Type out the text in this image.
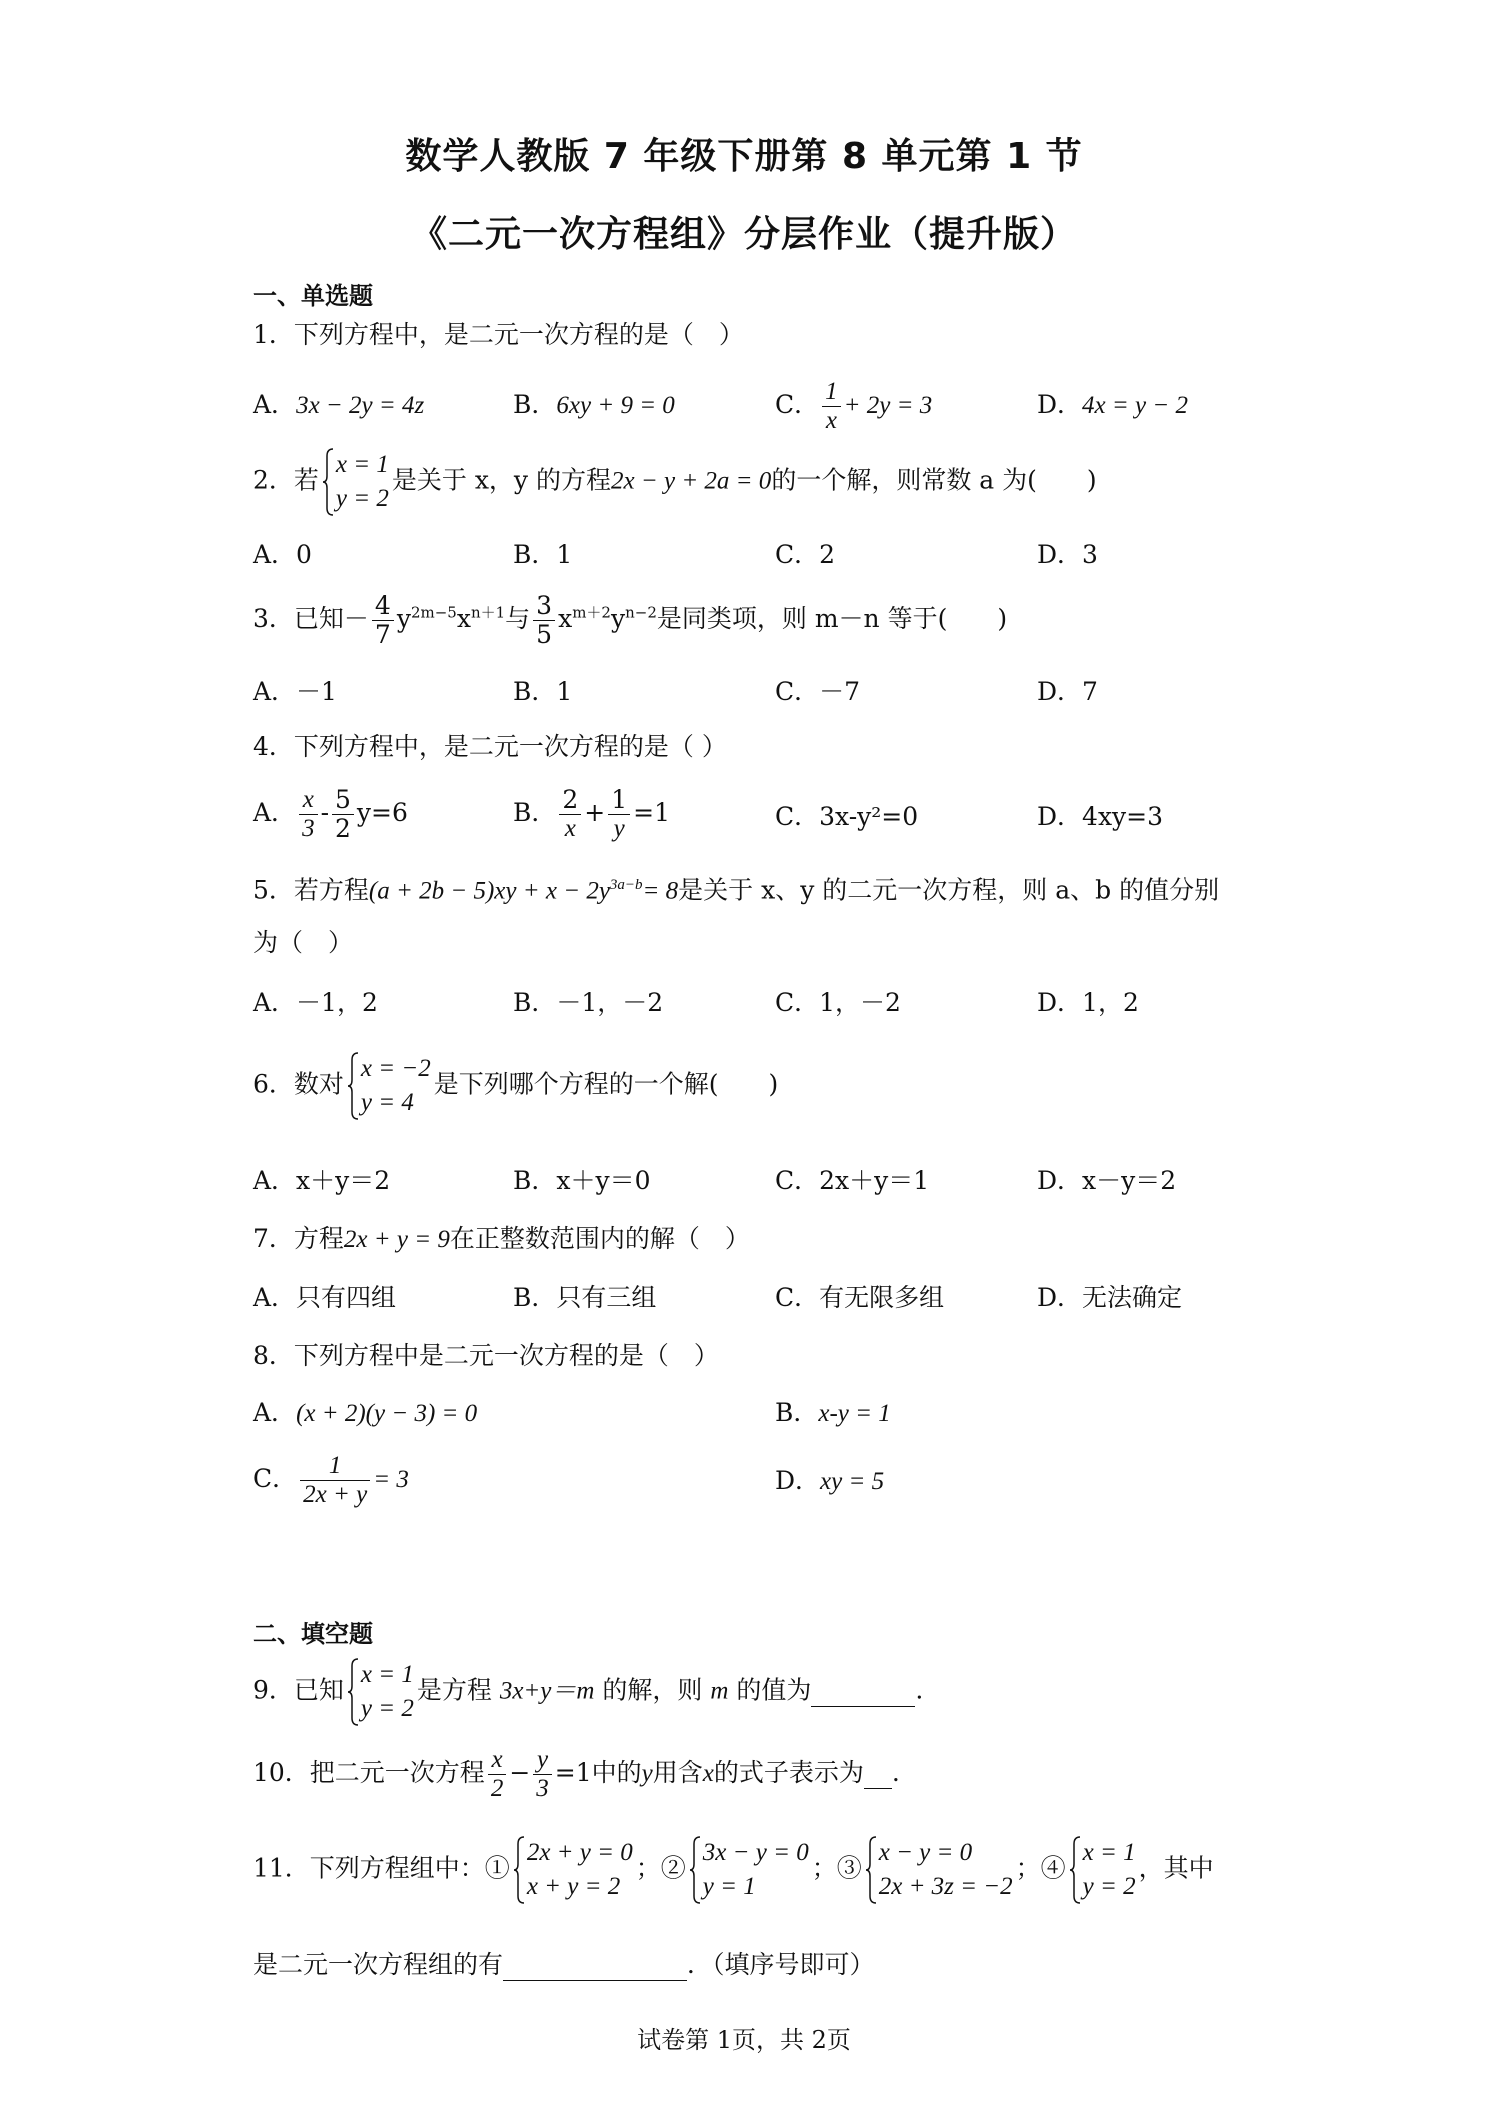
数学人教版 7 年级下册第 8 单元第 1 节
《二元一次方程组》分层作业（提升版）
一、单选题
1．下列方程中，是二元一次方程的是（　）
A．3x − 2y = 4z	B．6xy + 9 = 0	C． $\frac{1}{x} + 2y = 3$	D．4x = y − 2
2．若
x = 1
y = 2
是关于 x，y 的方程2x − y + 2a = 0的一个解，则常数 a 为(　　)
A．0	B．1	C．2	D．3
3．已知－ $\frac{4}{7} y^{2m-5}x^{n+1}$与 $\frac{3}{5} x^{m+2}y^{n-2}$是同类项，则 m－n 等于(　　)
A．－1	B．1	C．－7	D．7
4．下列方程中，是二元一次方程的是（ ）
A． $\frac{x}{3} - \frac{5}{2} y=6$	B． $\frac{2}{x} + \frac{1}{y} =1$	C．3x-y²=0	D．4xy=3
5．若方程$(a + 2b - 5)xy + x - 2y^{3a-b}= 8$是关于 x、y 的二元一次方程，则 a、b 的值分别
为（　）
A．－1，2	B．－1，－2	C．1，－2	D．1，2
6．数对
x = −2
y = 4
是下列哪个方程的一个解(　　)
A．x＋y＝2	B．x＋y＝0	C．2x＋y＝1	D．x－y＝2
7．方程2x + y = 9在正整数范围内的解（　）
A．只有四组	B．只有三组	C．有无限多组	D．无法确定
8．下列方程中是二元一次方程的是（　）
A．(x + 2)(y − 3) = 0	B．x-y = 1
C． $\frac{1}{2x + y} = 3$	D．xy = 5
二、填空题
9．已知
x = 1
y = 2
是方程 3x+y＝m 的解，则 m 的值为	.
10．把二元一次方程 $\frac{x}{2} - \frac{y}{3} =1$中的y用含x的式子表示为 .
11．下列方程组中：①
2x + y = 0
x + y = 2
；②
3x − y = 0
y = 1
；③
x − y = 0
2x + 3z = −2
；④
x = 1
y = 2
，其中
是二元一次方程组的有	．（填序号即可）
试卷第 1页，共 2页
